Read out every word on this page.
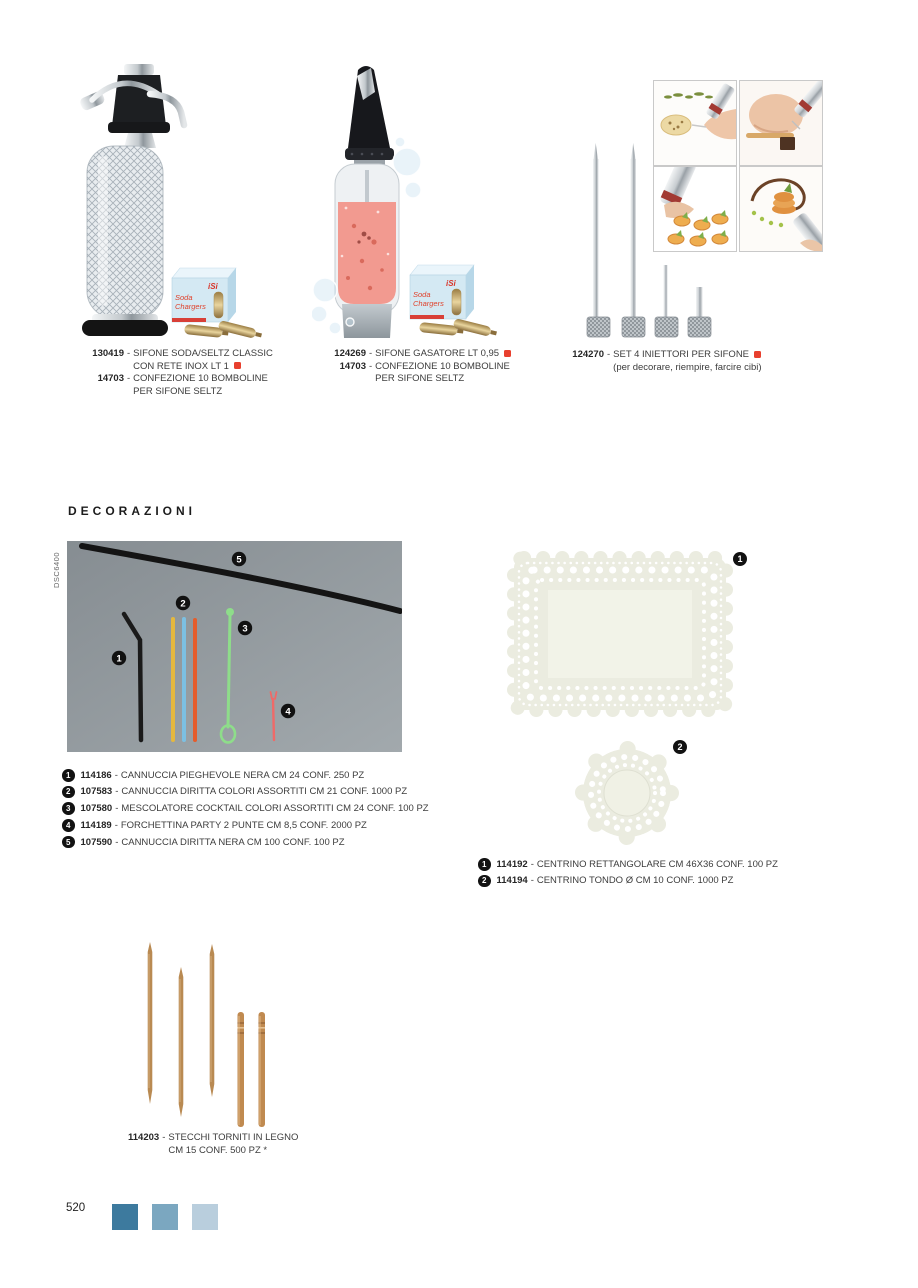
iSi
Soda
Chargers
iSi
Soda
Chargers
130419 - SIFONE SODA/SELTZ CLASSIC
CON RETE INOX LT 1
14703 - CONFEZIONE 10 BOMBOLINE
PER SIFONE SELTZ
124269 - SIFONE GASATORE LT 0,95
14703 - CONFEZIONE 10 BOMBOLINE
PER SIFONE SELTZ
124270 - SET 4 INIETTORI PER SIFONE
(per decorare, riempire, farcire cibi)
DECORAZIONI
DSC6400
1
2
3
4
5
1	114186 - CANNUCCIA PIEGHEVOLE NERA CM 24 CONF. 250 PZ
2	107583 - CANNUCCIA DIRITTA COLORI ASSORTITI CM 21 CONF. 1000 PZ
3	107580 - MESCOLATORE COCKTAIL COLORI ASSORTITI CM 24 CONF. 100 PZ
4	114189 - FORCHETTINA PARTY 2 PUNTE CM 8,5 CONF. 2000 PZ
5	107590 - CANNUCCIA DIRITTA NERA CM 100 CONF. 100 PZ
1
2
1	114192 - CENTRINO RETTANGOLARE CM 46X36 CONF. 100 PZ
2	114194 - CENTRINO TONDO Ø CM 10 CONF. 1000 PZ
114203 - STECCHI TORNITI IN LEGNO
CM 15 CONF. 500 PZ *
520
